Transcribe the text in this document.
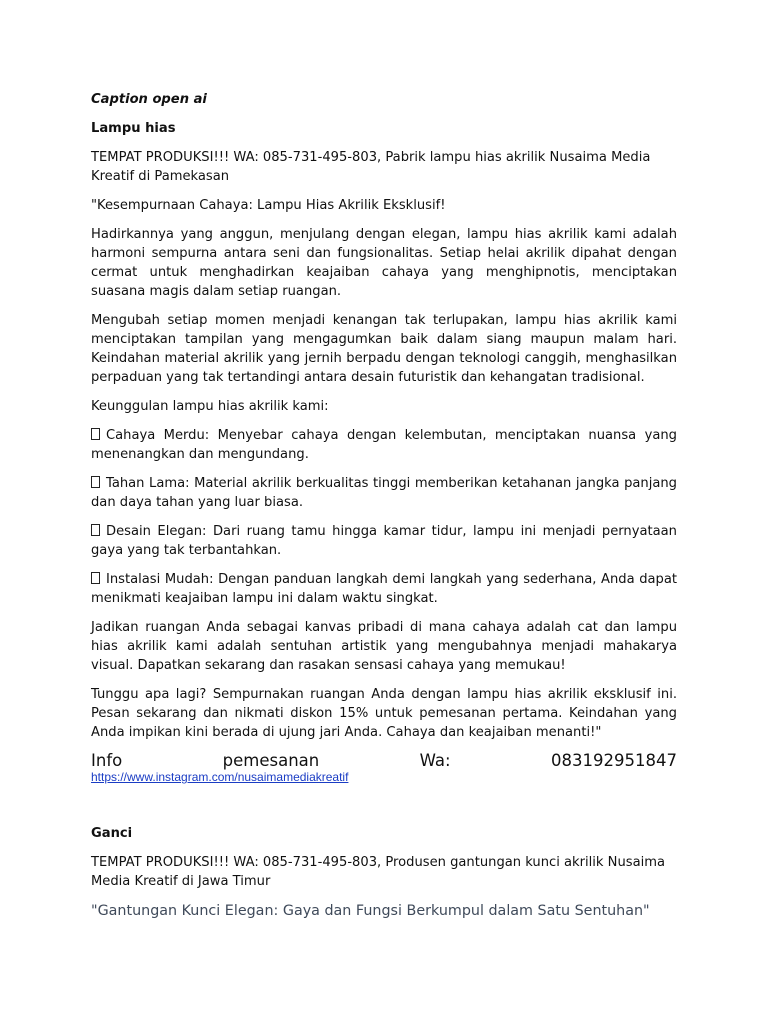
Caption open ai

Lampu hias

TEMPAT PRODUKSI!!! WA: 085-731-495-803, Pabrik lampu hias akrilik Nusaima Media Kreatif di Pamekasan

"Kesempurnaan Cahaya: Lampu Hias Akrilik Eksklusif!

Hadirkannya yang anggun, menjulang dengan elegan, lampu hias akrilik kami adalah harmoni sempurna antara seni dan fungsionalitas. Setiap helai akrilik dipahat dengan cermat untuk menghadirkan keajaiban cahaya yang menghipnotis, menciptakan suasana magis dalam setiap ruangan.

Mengubah setiap momen menjadi kenangan tak terlupakan, lampu hias akrilik kami menciptakan tampilan yang mengagumkan baik dalam siang maupun malam hari. Keindahan material akrilik yang jernih berpadu dengan teknologi canggih, menghasilkan perpaduan yang tak tertandingi antara desain futuristik dan kehangatan tradisional.

Keunggulan lampu hias akrilik kami:

Cahaya Merdu: Menyebar cahaya dengan kelembutan, menciptakan nuansa yang menenangkan dan mengundang.

Tahan Lama: Material akrilik berkualitas tinggi memberikan ketahanan jangka panjang dan daya tahan yang luar biasa.

Desain Elegan: Dari ruang tamu hingga kamar tidur, lampu ini menjadi pernyataan gaya yang tak terbantahkan.

Instalasi Mudah: Dengan panduan langkah demi langkah yang sederhana, Anda dapat menikmati keajaiban lampu ini dalam waktu singkat.

Jadikan ruangan Anda sebagai kanvas pribadi di mana cahaya adalah cat dan lampu hias akrilik kami adalah sentuhan artistik yang mengubahnya menjadi mahakarya visual. Dapatkan sekarang dan rasakan sensasi cahaya yang memukau!

Tunggu apa lagi? Sempurnakan ruangan Anda dengan lampu hias akrilik eksklusif ini. Pesan sekarang dan nikmati diskon 15% untuk pemesanan pertama. Keindahan yang Anda impikan kini berada di ujung jari Anda. Cahaya dan keajaiban menanti!"

Info	pemesanan	Wa:	083192951847
https://www.instagram.com/nusaimamediakreatif

Ganci

TEMPAT PRODUKSI!!! WA: 085-731-495-803, Produsen gantungan kunci akrilik Nusaima Media Kreatif di Jawa Timur

"Gantungan Kunci Elegan: Gaya dan Fungsi Berkumpul dalam Satu Sentuhan"
